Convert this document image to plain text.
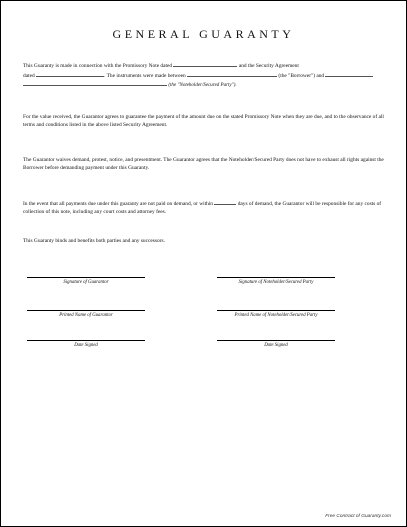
GENERAL GUARANTY

This Guaranty is made in connection with the Promissory Note dated	and the Security Agreement
dated	. The instruments were made between	(the "Borrower") and
(the "Noteholder/Secured Party").

For the value received, the Guarantor agrees to guarantee the payment of the amount due on the stated Promissory Note when they are due, and to the observance of all terms and conditions listed in the above listed Security Agreement.

The Guarantor waives demand, protest, notice, and presentment. The Guarantor agrees that the Noteholder/Secured Party does not have to exhaust all rights against the Borrower before demanding payment under this Guaranty.

In the event that all payments due under this guaranty are not paid on demand, or within	days of demand, the Guarantor will be responsible for any costs of collection of this note, including any court costs and attorney fees.

This Guaranty binds and benefits both parties and any successors.

Signature of Guarantor	Signature of Noteholder/Secured Party
Printed Name of Guarantor	Printed Name of Noteholder/Secured Party
Date Signed	Date Signed
Free Contract of Guaranty.com
